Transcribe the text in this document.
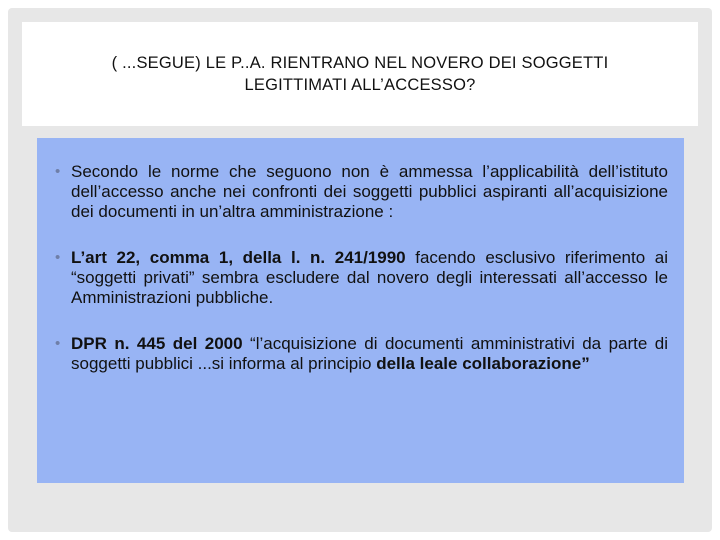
( ...SEGUE) LE P..A. RIENTRANO NEL NOVERO DEI SOGGETTI
LEGITTIMATI ALL’ACCESSO?
• Secondo le norme che seguono non è ammessa l’applicabilità dell’istituto dell’accesso anche nei confronti dei soggetti pubblici aspiranti all’acquisizione dei documenti in un’altra amministrazione :
• L’art 22, comma 1, della l. n. 241/1990 facendo esclusivo riferimento ai “soggetti privati” sembra escludere dal novero degli interessati all’accesso le Amministrazioni pubbliche.
• DPR n. 445 del 2000 “l’acquisizione di documenti amministrativi da parte di soggetti pubblici ...si informa al principio della leale collaborazione”
